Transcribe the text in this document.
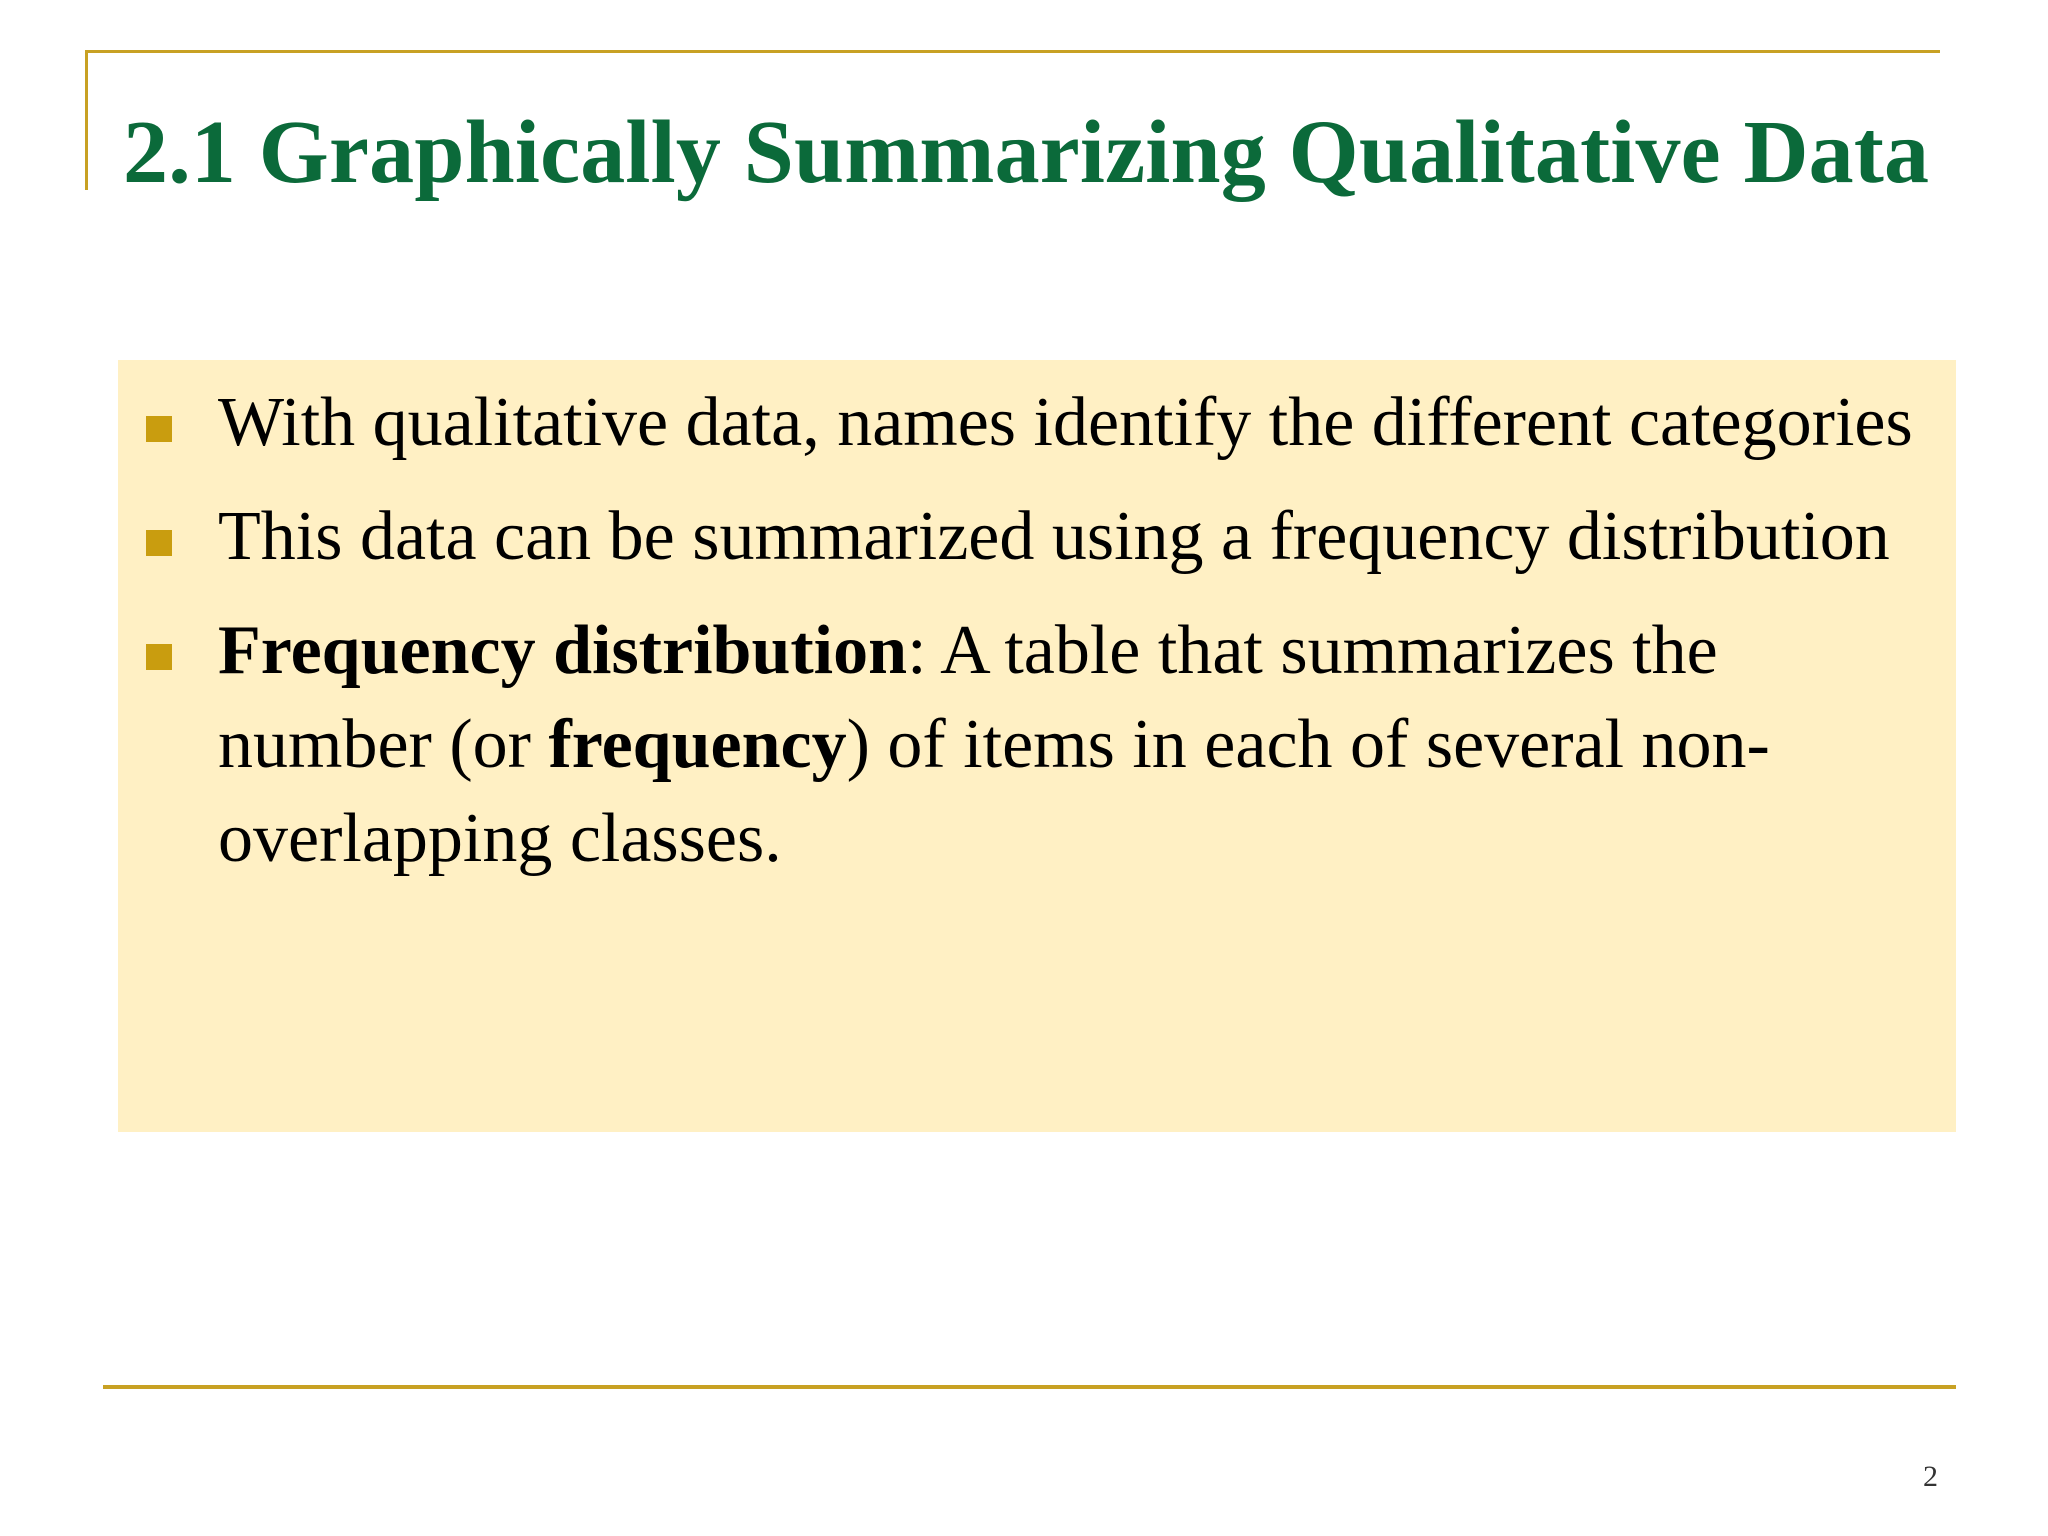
2.1 Graphically Summarizing Qualitative Data
With qualitative data, names identify the different categories
This data can be summarized using a frequency distribution
Frequency distribution: A table that summarizes the number (or frequency) of items in each of several non-overlapping classes.
2
